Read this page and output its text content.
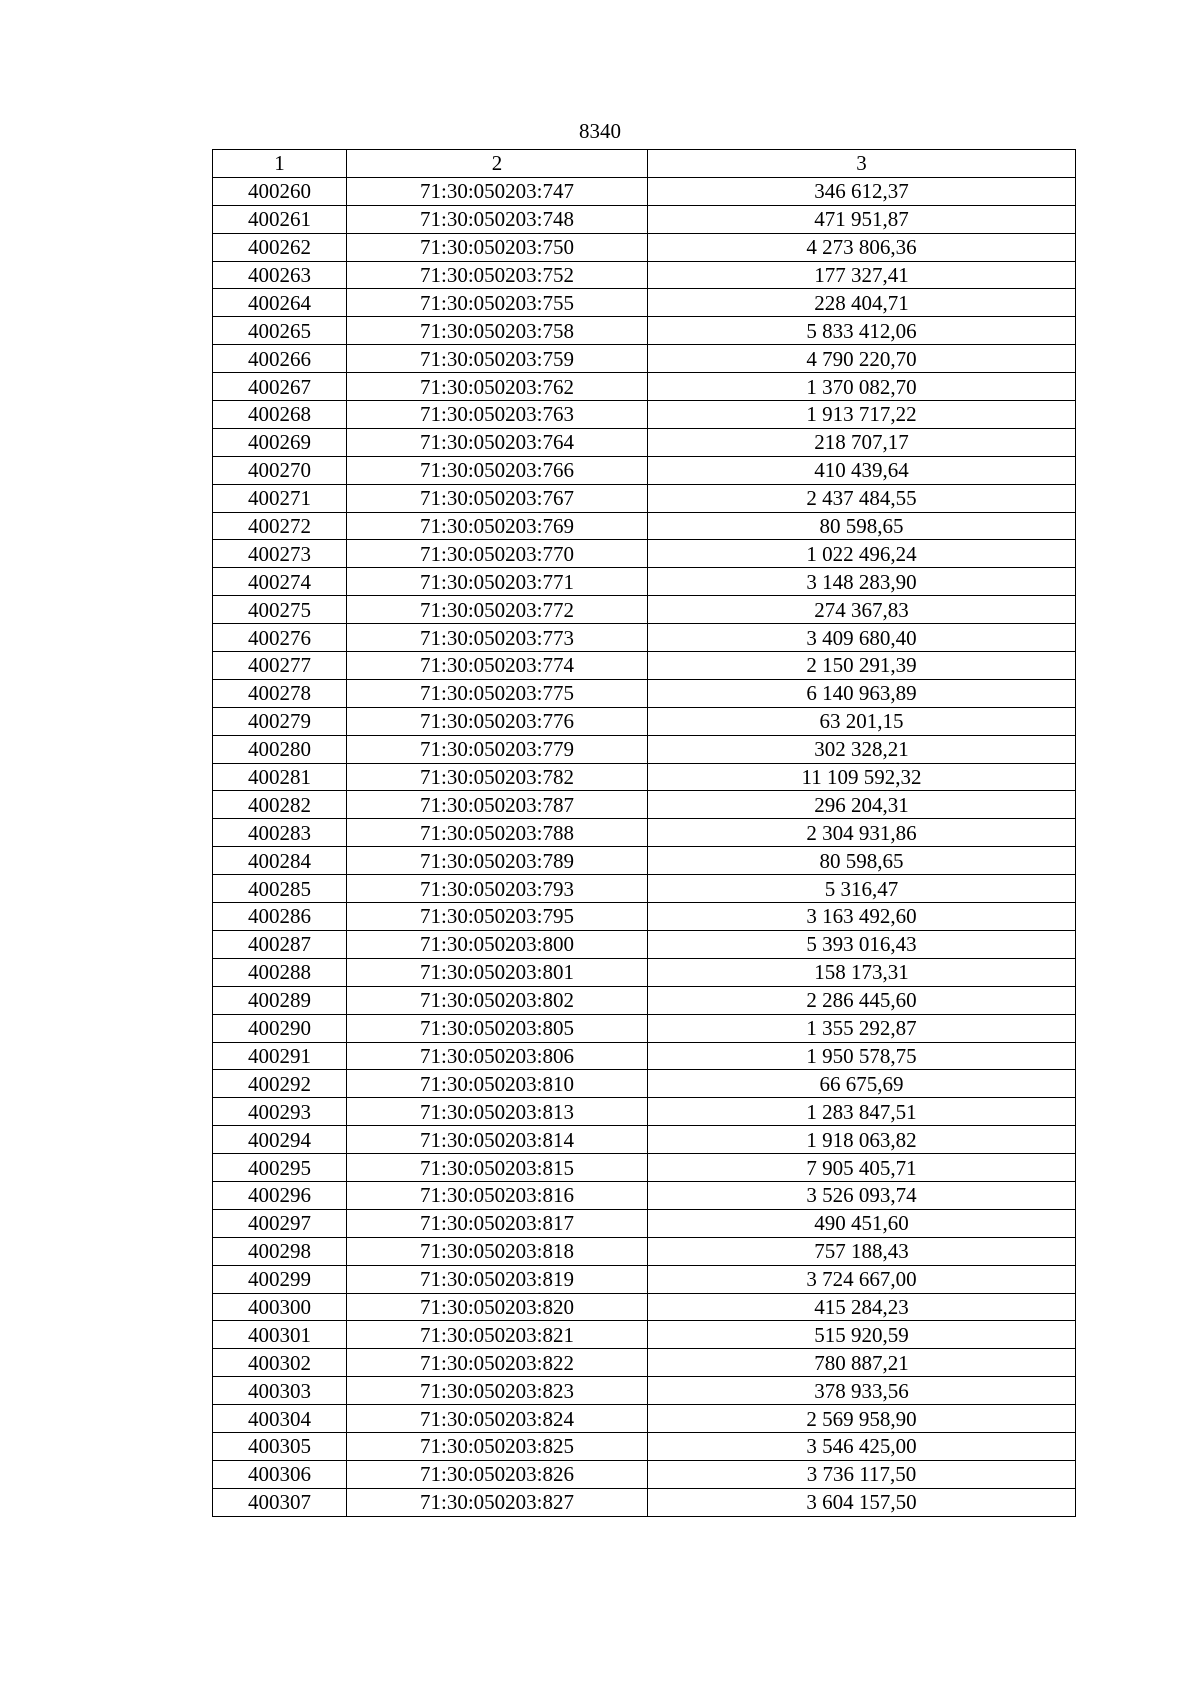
8340
1	2	3
400260	71:30:050203:747	346 612,37
400261	71:30:050203:748	471 951,87
400262	71:30:050203:750	4 273 806,36
400263	71:30:050203:752	177 327,41
400264	71:30:050203:755	228 404,71
400265	71:30:050203:758	5 833 412,06
400266	71:30:050203:759	4 790 220,70
400267	71:30:050203:762	1 370 082,70
400268	71:30:050203:763	1 913 717,22
400269	71:30:050203:764	218 707,17
400270	71:30:050203:766	410 439,64
400271	71:30:050203:767	2 437 484,55
400272	71:30:050203:769	80 598,65
400273	71:30:050203:770	1 022 496,24
400274	71:30:050203:771	3 148 283,90
400275	71:30:050203:772	274 367,83
400276	71:30:050203:773	3 409 680,40
400277	71:30:050203:774	2 150 291,39
400278	71:30:050203:775	6 140 963,89
400279	71:30:050203:776	63 201,15
400280	71:30:050203:779	302 328,21
400281	71:30:050203:782	11 109 592,32
400282	71:30:050203:787	296 204,31
400283	71:30:050203:788	2 304 931,86
400284	71:30:050203:789	80 598,65
400285	71:30:050203:793	5 316,47
400286	71:30:050203:795	3 163 492,60
400287	71:30:050203:800	5 393 016,43
400288	71:30:050203:801	158 173,31
400289	71:30:050203:802	2 286 445,60
400290	71:30:050203:805	1 355 292,87
400291	71:30:050203:806	1 950 578,75
400292	71:30:050203:810	66 675,69
400293	71:30:050203:813	1 283 847,51
400294	71:30:050203:814	1 918 063,82
400295	71:30:050203:815	7 905 405,71
400296	71:30:050203:816	3 526 093,74
400297	71:30:050203:817	490 451,60
400298	71:30:050203:818	757 188,43
400299	71:30:050203:819	3 724 667,00
400300	71:30:050203:820	415 284,23
400301	71:30:050203:821	515 920,59
400302	71:30:050203:822	780 887,21
400303	71:30:050203:823	378 933,56
400304	71:30:050203:824	2 569 958,90
400305	71:30:050203:825	3 546 425,00
400306	71:30:050203:826	3 736 117,50
400307	71:30:050203:827	3 604 157,50
